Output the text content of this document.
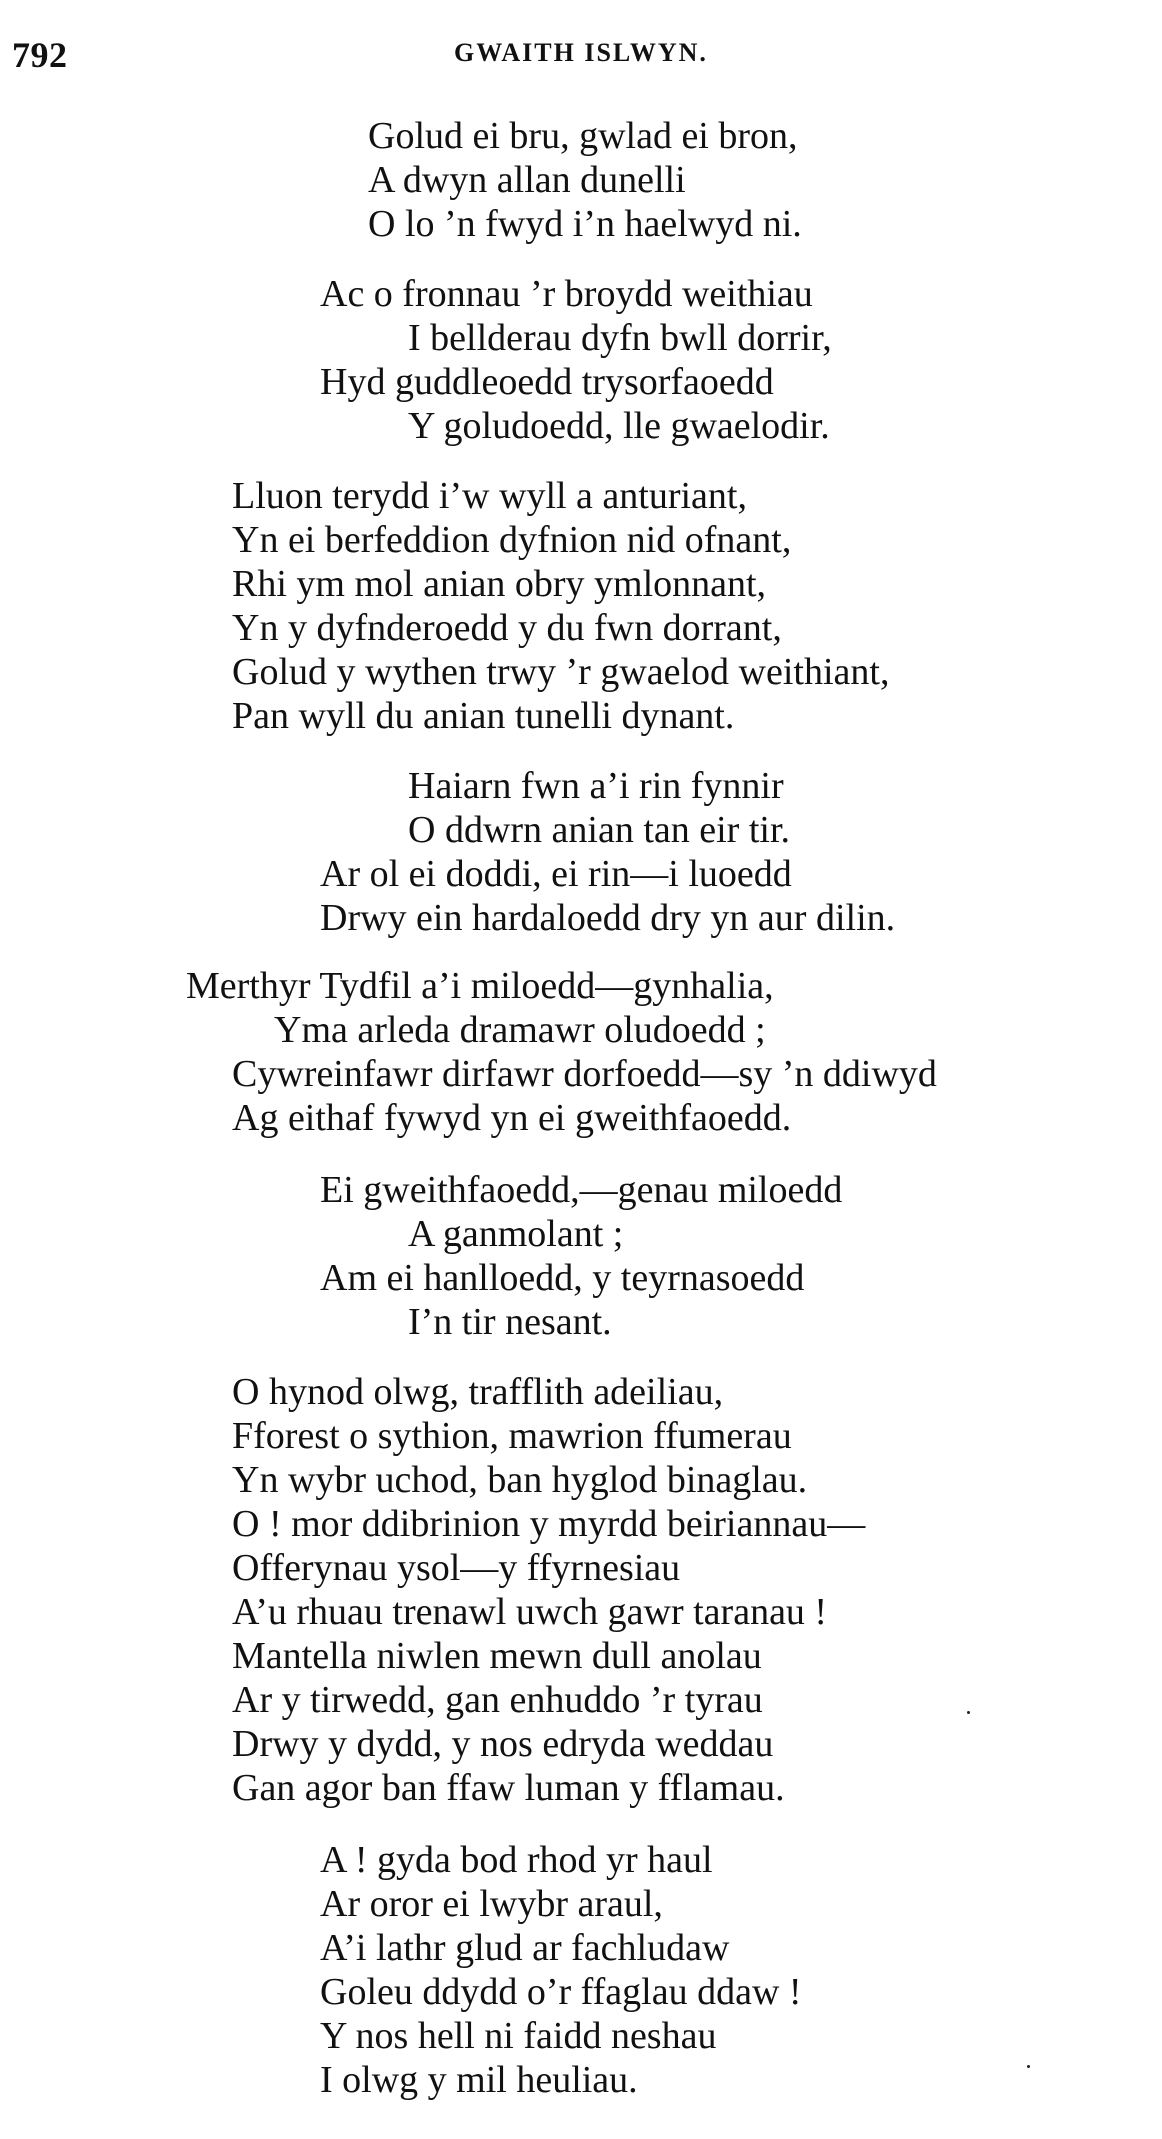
792	GWAITH ISLWYN.
Golud ei bru, gwlad ei bron,
A dwyn allan dunelli
O lo ’n fwyd i’n haelwyd ni.
Ac o fronnau ’r broydd weithiau
I bellderau dyfn bwll dorrir,
Hyd guddleoedd trysorfaoedd
Y goludoedd, lle gwaelodir.
Lluon terydd i’w wyll a anturiant,
Yn ei berfeddion dyfnion nid ofnant,
Rhi ym mol anian obry ymlonnant,
Yn y dyfnderoedd y du fwn dorrant,
Golud y wythen trwy ’r gwaelod weithiant,
Pan wyll du anian tunelli dynant.
Haiarn fwn a’i rin fynnir
O ddwrn anian tan eir tir.
Ar ol ei doddi, ei rin—i luoedd
Drwy ein hardaloedd dry yn aur dilin.
Merthyr Tydfil a’i miloedd—gynhalia,
Yma arleda dramawr oludoedd ;
Cywreinfawr dirfawr dorfoedd—sy ’n ddiwyd
Ag eithaf fywyd yn ei gweithfaoedd.
Ei gweithfaoedd,—genau miloedd
A ganmolant ;
Am ei hanlloedd, y teyrnasoedd
I’n tir nesant.
O hynod olwg, trafflith adeiliau,
Fforest o sythion, mawrion ffumerau
Yn wybr uchod, ban hyglod binaglau.
O ! mor ddibrinion y myrdd beiriannau—
Offerynau ysol—y ffyrnesiau
A’u rhuau trenawl uwch gawr taranau !
Mantella niwlen mewn dull anolau
Ar y tirwedd, gan enhuddo ’r tyrau
Drwy y dydd, y nos edryda weddau
Gan agor ban ffaw luman y fflamau.
A ! gyda bod rhod yr haul
Ar oror ei lwybr araul,
A’i lathr glud ar fachludaw
Goleu ddydd o’r ffaglau ddaw !
Y nos hell ni faidd neshau
I olwg y mil heuliau.
